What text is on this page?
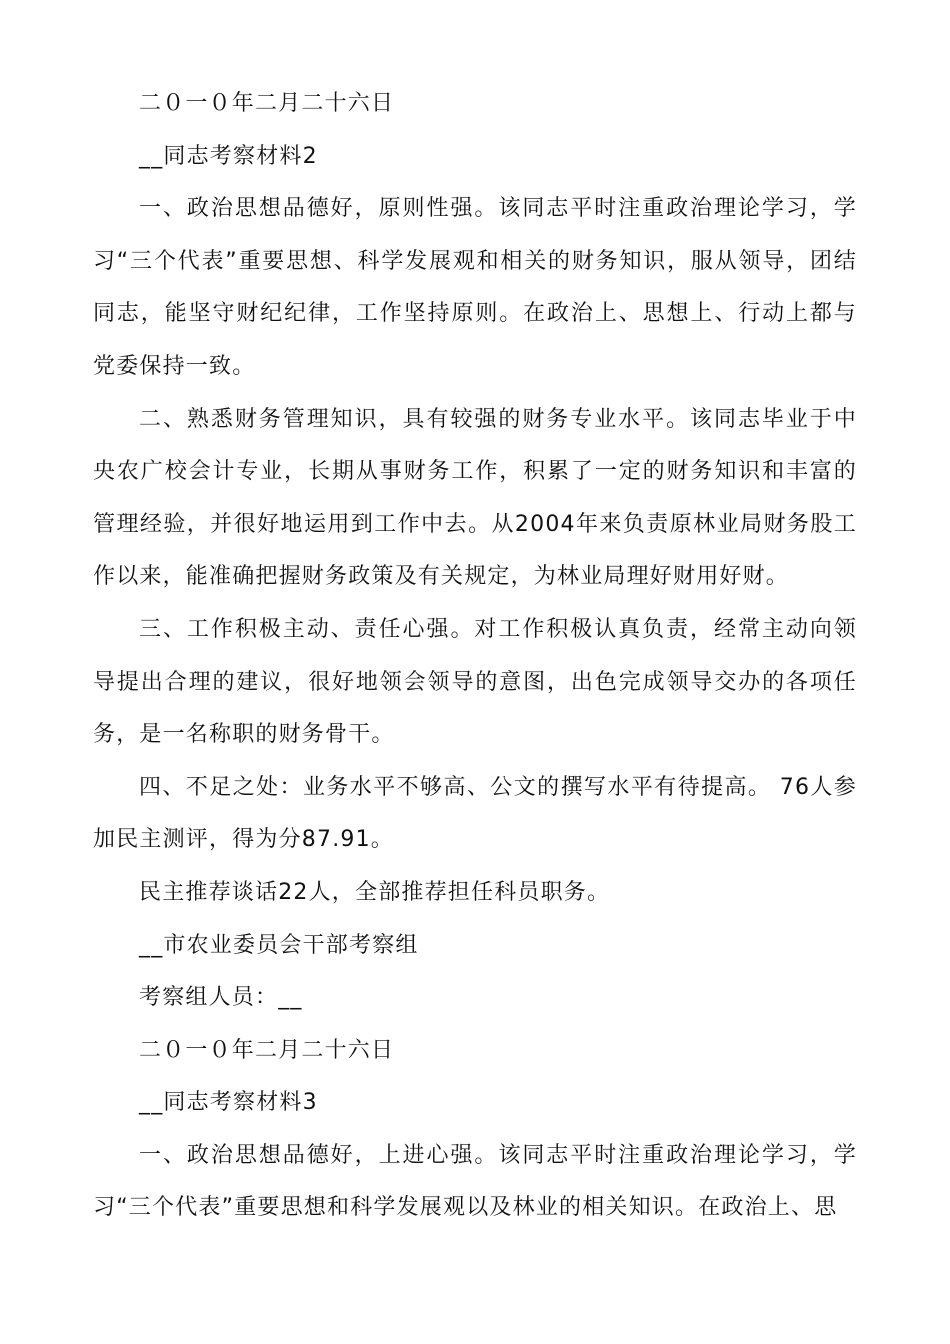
二０一０年二月二十六日

__同志考察材料2

一、政治思想品德好，原则性强。该同志平时注重政治理论学习，学习“三个代表”重要思想、科学发展观和相关的财务知识，服从领导，团结同志，能坚守财纪纪律，工作坚持原则。在政治上、思想上、行动上都与党委保持一致。

二、熟悉财务管理知识，具有较强的财务专业水平。该同志毕业于中央农广校会计专业，长期从事财务工作，积累了一定的财务知识和丰富的管理经验，并很好地运用到工作中去。从2004年来负责原林业局财务股工作以来，能准确把握财务政策及有关规定，为林业局理好财用好财。

三、工作积极主动、责任心强。对工作积极认真负责，经常主动向领导提出合理的建议，很好地领会领导的意图，出色完成领导交办的各项任务，是一名称职的财务骨干。

四、不足之处：业务水平不够高、公文的撰写水平有待提高。 76人参加民主测评，得为分87.91。

民主推荐谈话22人，全部推荐担任科员职务。

__市农业委员会干部考察组

考察组人员：__

二０一０年二月二十六日

__同志考察材料3

一、政治思想品德好，上进心强。该同志平时注重政治理论学习，学习“三个代表”重要思想和科学发展观以及林业的相关知识。在政治上、思
